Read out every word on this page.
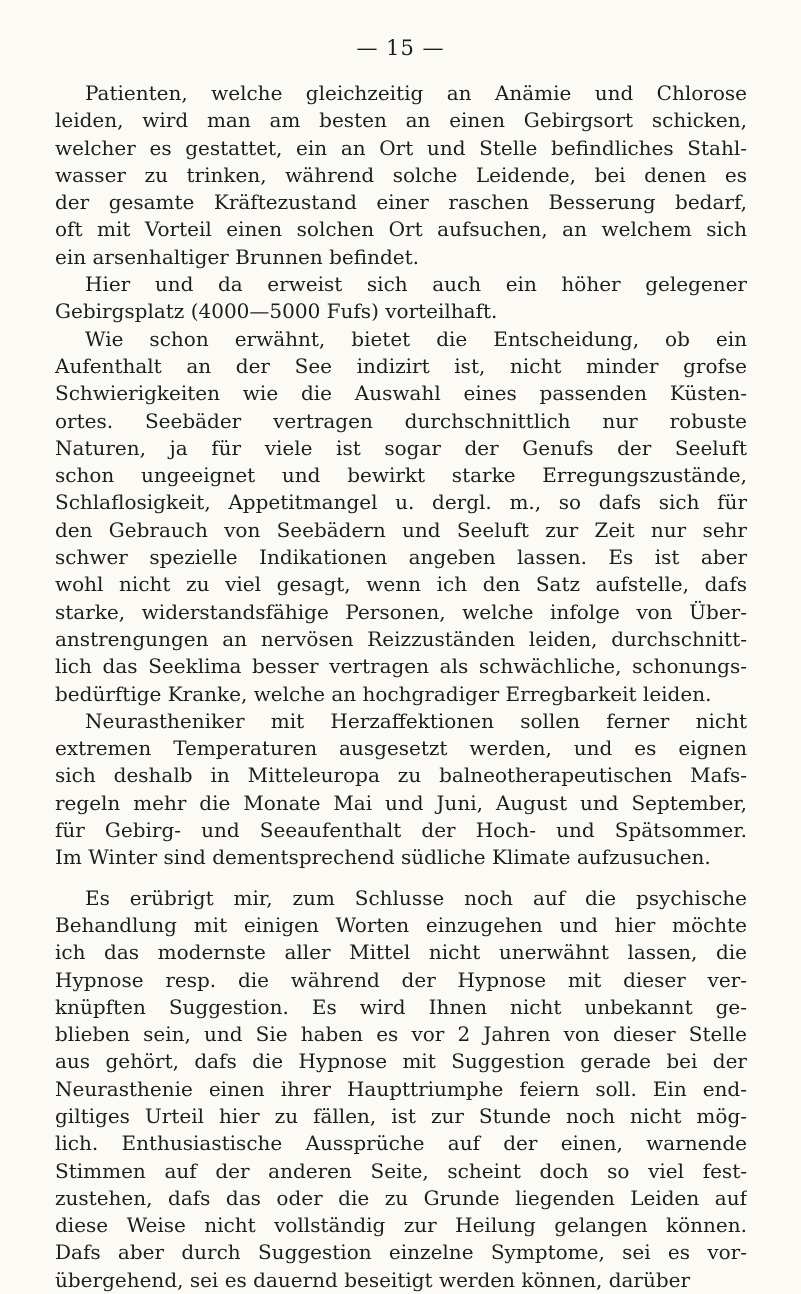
— 15 —
Patienten, welche gleichzeitig an Anämie und Chlorose
leiden, wird man am besten an einen Gebirgsort schicken,
welcher es gestattet, ein an Ort und Stelle befindliches Stahl-
wasser zu trinken, während solche Leidende, bei denen es
der gesamte Kräftezustand einer raschen Besserung bedarf,
oft mit Vorteil einen solchen Ort aufsuchen, an welchem sich
ein arsenhaltiger Brunnen befindet.
Hier und da erweist sich auch ein höher gelegener
Gebirgsplatz (4000—5000 Fufs) vorteilhaft.
Wie schon erwähnt, bietet die Entscheidung, ob ein
Aufenthalt an der See indizirt ist, nicht minder grofse
Schwierigkeiten wie die Auswahl eines passenden Küsten-
ortes. Seebäder vertragen durchschnittlich nur robuste
Naturen, ja für viele ist sogar der Genufs der Seeluft
schon ungeeignet und bewirkt starke Erregungszustände,
Schlaflosigkeit, Appetitmangel u. dergl. m., so dafs sich für
den Gebrauch von Seebädern und Seeluft zur Zeit nur sehr
schwer spezielle Indikationen angeben lassen. Es ist aber
wohl nicht zu viel gesagt, wenn ich den Satz aufstelle, dafs
starke, widerstandsfähige Personen, welche infolge von Über-
anstrengungen an nervösen Reizzuständen leiden, durchschnitt-
lich das Seeklima besser vertragen als schwächliche, schonungs-
bedürftige Kranke, welche an hochgradiger Erregbarkeit leiden.
Neurastheniker mit Herzaffektionen sollen ferner nicht
extremen Temperaturen ausgesetzt werden, und es eignen
sich deshalb in Mitteleuropa zu balneotherapeutischen Mafs-
regeln mehr die Monate Mai und Juni, August und September,
für Gebirg- und Seeaufenthalt der Hoch- und Spätsommer.
Im Winter sind dementsprechend südliche Klimate aufzusuchen.
Es erübrigt mir, zum Schlusse noch auf die psychische
Behandlung mit einigen Worten einzugehen und hier möchte
ich das modernste aller Mittel nicht unerwähnt lassen, die
Hypnose resp. die während der Hypnose mit dieser ver-
knüpften Suggestion. Es wird Ihnen nicht unbekannt ge-
blieben sein, und Sie haben es vor 2 Jahren von dieser Stelle
aus gehört, dafs die Hypnose mit Suggestion gerade bei der
Neurasthenie einen ihrer Haupttriumphe feiern soll. Ein end-
giltiges Urteil hier zu fällen, ist zur Stunde noch nicht mög-
lich. Enthusiastische Aussprüche auf der einen, warnende
Stimmen auf der anderen Seite, scheint doch so viel fest-
zustehen, dafs das oder die zu Grunde liegenden Leiden auf
diese Weise nicht vollständig zur Heilung gelangen können.
Dafs aber durch Suggestion einzelne Symptome, sei es vor-
übergehend, sei es dauernd beseitigt werden können, darüber
